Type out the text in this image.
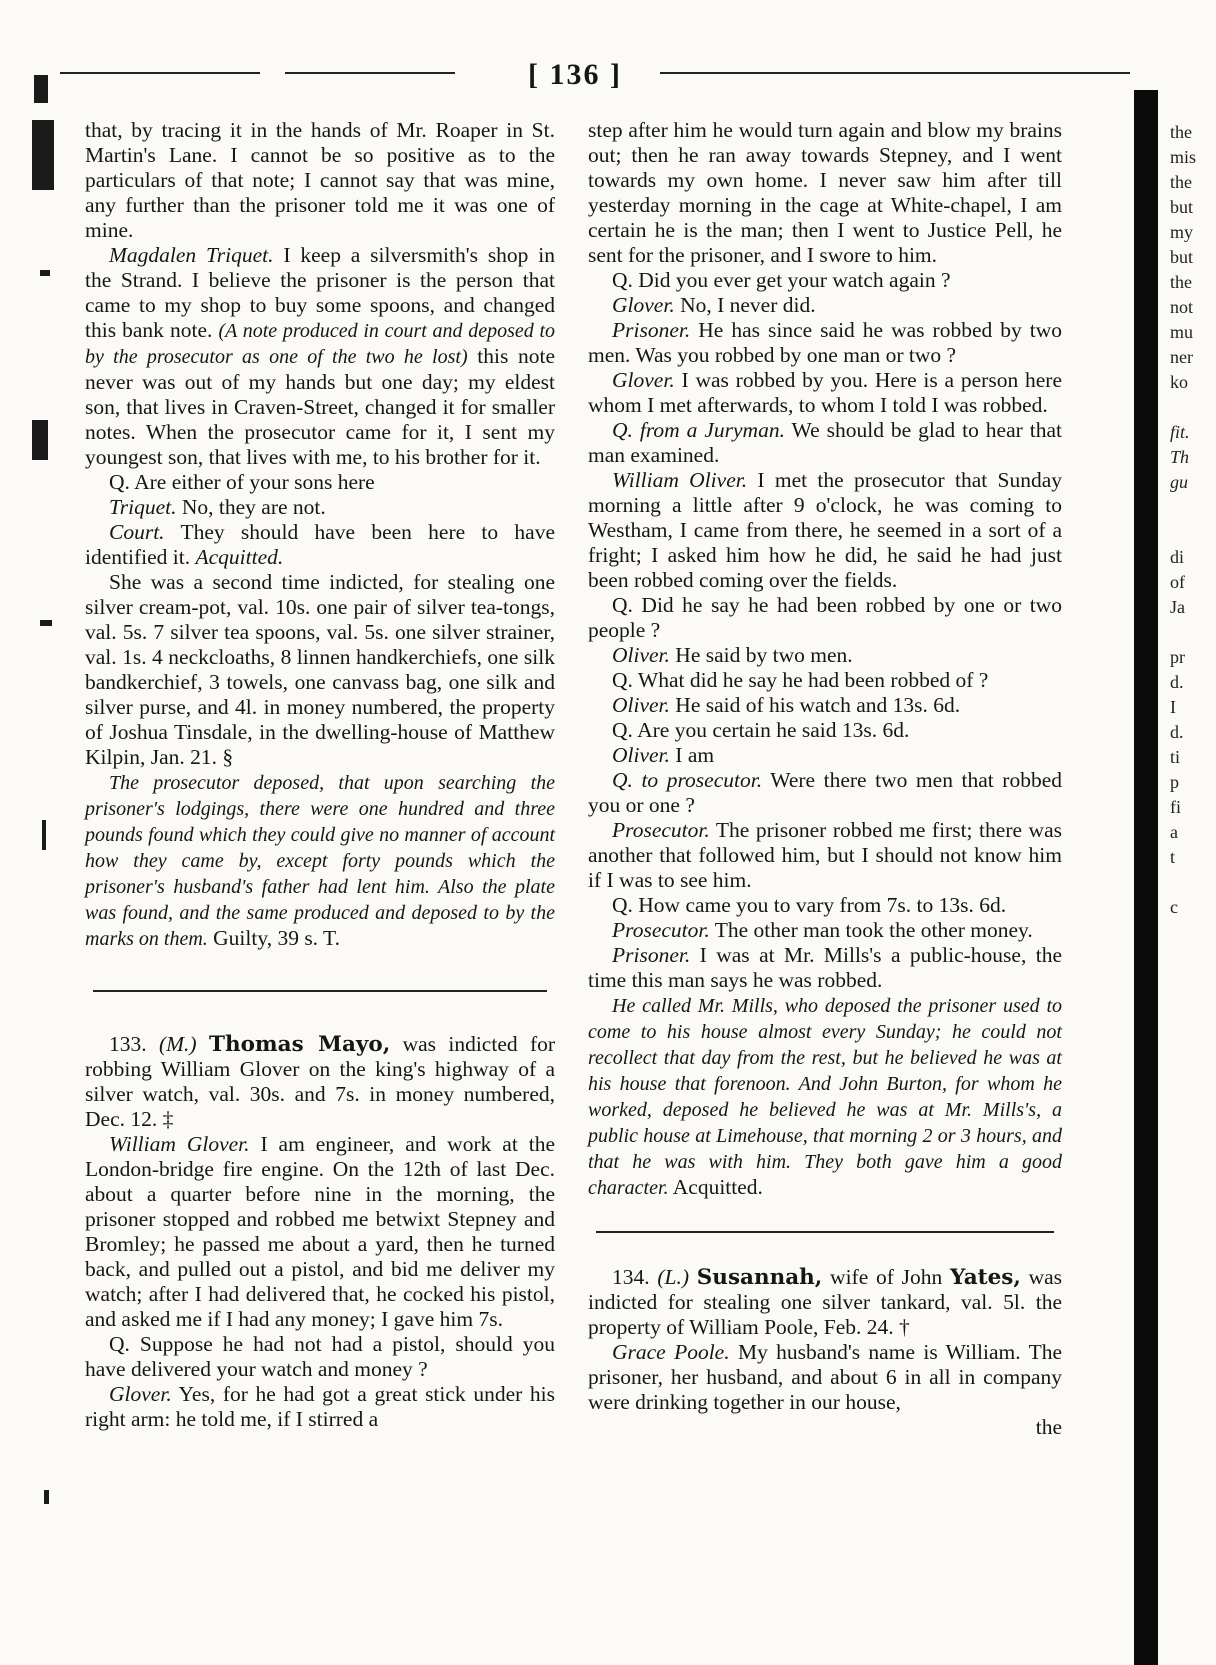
[ 136 ]

that, by tracing it in the hands of Mr. Roaper in St. Martin's Lane. I cannot be so positive as to the particulars of that note; I cannot say that was mine, any further than the prisoner told me it was one of mine.

Magdalen Triquet. I keep a silversmith's shop in the Strand. I believe the prisoner is the person that came to my shop to buy some spoons, and changed this bank note. (A note produced in court and deposed to by the prosecutor as one of the two he lost) this note never was out of my hands but one day; my eldest son, that lives in Craven-Street, changed it for smaller notes. When the prosecutor came for it, I sent my youngest son, that lives with me, to his brother for it.

Q. Are either of your sons here

Triquet. No, they are not.

Court. They should have been here to have identified it. Acquitted.

She was a second time indicted, for stealing one silver cream-pot, val. 10s. one pair of silver tea-tongs, val. 5s. 7 silver tea spoons, val. 5s. one silver strainer, val. 1s. 4 neckcloaths, 8 linnen handkerchiefs, one silk bandkerchief, 3 towels, one canvass bag, one silk and silver purse, and 4l. in money numbered, the property of Joshua Tinsdale, in the dwelling-house of Matthew Kilpin, Jan. 21. §

The prosecutor deposed, that upon searching the prisoner's lodgings, there were one hundred and three pounds found which they could give no manner of account how they came by, except forty pounds which the prisoner's husband's father had lent him. Also the plate was found, and the same produced and deposed to by the marks on them. Guilty, 39 s. T.

133. (M.) Thomas Mayo, was indicted for robbing William Glover on the king's highway of a silver watch, val. 30s. and 7s. in money numbered, Dec. 12. ‡

William Glover. I am engineer, and work at the London-bridge fire engine. On the 12th of last Dec. about a quarter before nine in the morning, the prisoner stopped and robbed me betwixt Stepney and Bromley; he passed me about a yard, then he turned back, and pulled out a pistol, and bid me deliver my watch; after I had delivered that, he cocked his pistol, and asked me if I had any money; I gave him 7s.

Q. Suppose he had not had a pistol, should you have delivered your watch and money ?

Glover. Yes, for he had got a great stick under his right arm: he told me, if I stirred a

step after him he would turn again and blow my brains out; then he ran away towards Stepney, and I went towards my own home. I never saw him after till yesterday morning in the cage at White-chapel, I am certain he is the man; then I went to Justice Pell, he sent for the prisoner, and I swore to him.

Q. Did you ever get your watch again ?

Glover. No, I never did.

Prisoner. He has since said he was robbed by two men. Was you robbed by one man or two ?

Glover. I was robbed by you. Here is a person here whom I met afterwards, to whom I told I was robbed.

Q. from a Juryman. We should be glad to hear that man examined.

William Oliver. I met the prosecutor that Sunday morning a little after 9 o'clock, he was coming to Westham, I came from there, he seemed in a sort of a fright; I asked him how he did, he said he had just been robbed coming over the fields.

Q. Did he say he had been robbed by one or two people ?

Oliver. He said by two men.

Q. What did he say he had been robbed of ?

Oliver. He said of his watch and 13s. 6d.

Q. Are you certain he said 13s. 6d.

Oliver. I am

Q. to prosecutor. Were there two men that robbed you or one ?

Prosecutor. The prisoner robbed me first; there was another that followed him, but I should not know him if I was to see him.

Q. How came you to vary from 7s. to 13s. 6d.

Prosecutor. The other man took the other money.

Prisoner. I was at Mr. Mills's a public-house, the time this man says he was robbed.

He called Mr. Mills, who deposed the prisoner used to come to his house almost every Sunday; he could not recollect that day from the rest, but he believed he was at his house that forenoon. And John Burton, for whom he worked, deposed he believed he was at Mr. Mills's, a public house at Limehouse, that morning 2 or 3 hours, and that he was with him. They both gave him a good character. Acquitted.

134. (L.) Susannah, wife of John Yates, was indicted for stealing one silver tankard, val. 5l. the property of William Poole, Feb. 24. †

Grace Poole. My husband's name is William. The prisoner, her husband, and about 6 in all in company were drinking together in our house,

the

the
mis
the
but
my
but
the
not
mu
ner
ko

fit.
Th
gu

di
of
Ja

pr
d.
I
d.
ti
p
fi
a
t

c
